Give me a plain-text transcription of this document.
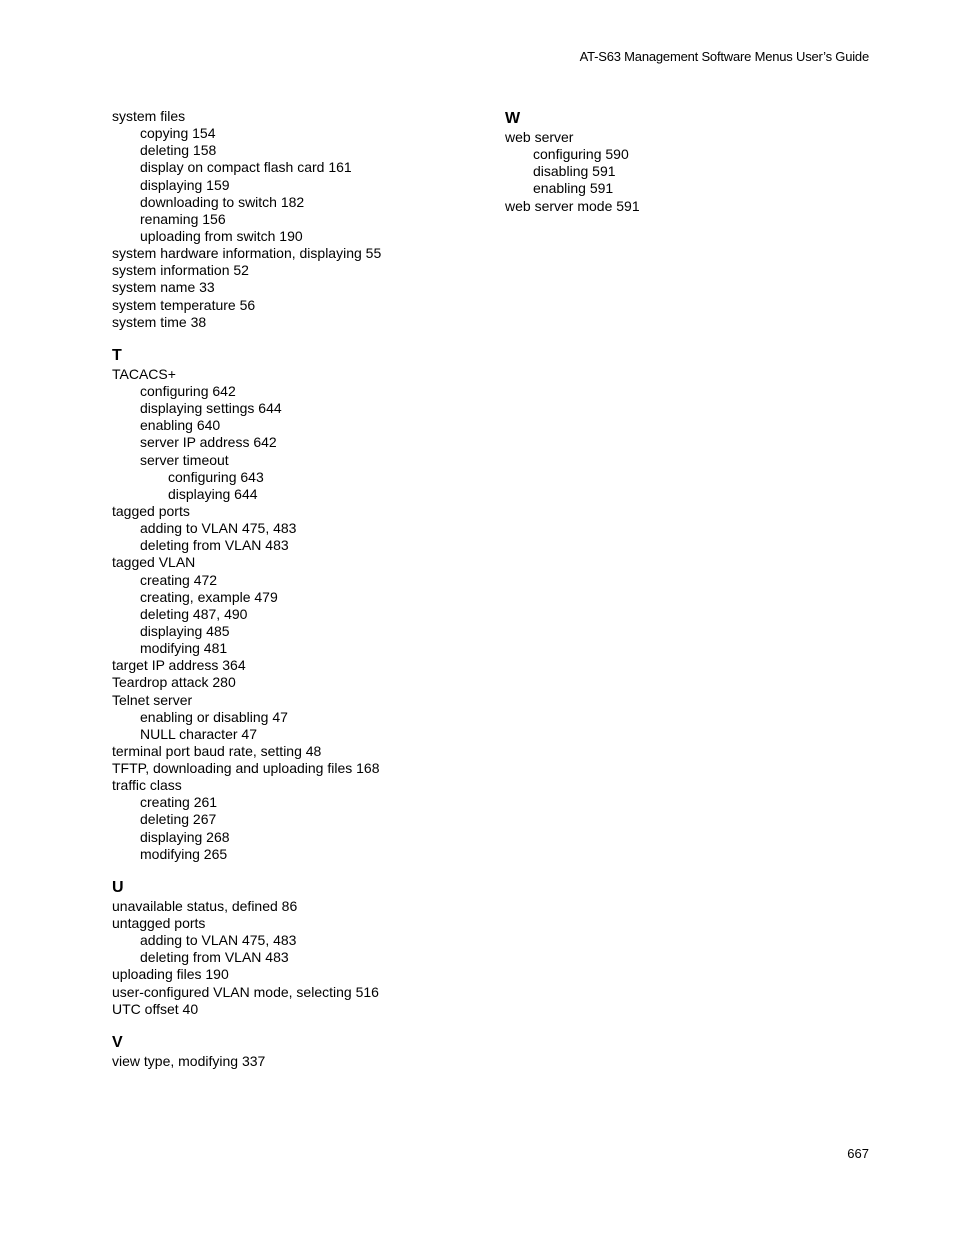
AT-S63 Management Software Menus User’s Guide
system files
copying 154
deleting 158
display on compact flash card 161
displaying 159
downloading to switch 182
renaming 156
uploading from switch 190
system hardware information, displaying 55
system information 52
system name 33
system temperature 56
system time 38
T
TACACS+
configuring 642
displaying settings 644
enabling 640
server IP address 642
server timeout
configuring 643
displaying 644
tagged ports
adding to VLAN 475, 483
deleting from VLAN 483
tagged VLAN
creating 472
creating, example 479
deleting 487, 490
displaying 485
modifying 481
target IP address 364
Teardrop attack 280
Telnet server
enabling or disabling 47
NULL character 47
terminal port baud rate, setting 48
TFTP, downloading and uploading files 168
traffic class
creating 261
deleting 267
displaying 268
modifying 265
U
unavailable status, defined 86
untagged ports
adding to VLAN 475, 483
deleting from VLAN 483
uploading files 190
user-configured VLAN mode, selecting 516
UTC offset 40
V
view type, modifying 337
W
web server
configuring 590
disabling 591
enabling 591
web server mode 591
667
